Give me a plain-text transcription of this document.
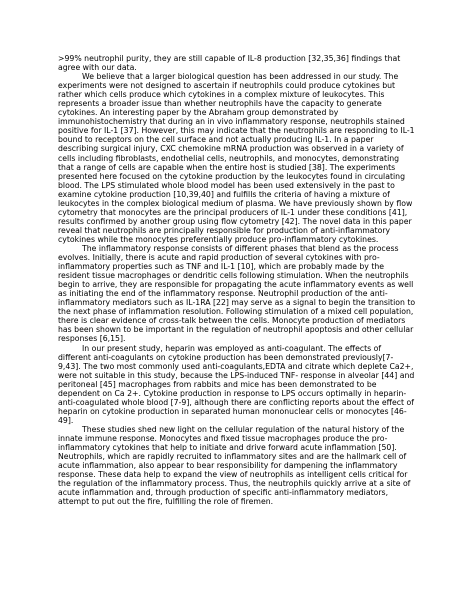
>99% neutrophil purity, they are still capable of IL-8 production [32,35,36] findings that agree with our data.

We believe that a larger biological question has been addressed in our study. The experiments were not designed to ascertain if neutrophils could produce cytokines but rather which cells produce which cytokines in a complex mixture of leukocytes. This represents a broader issue than whether neutrophils have the capacity to generate cytokines. An interesting paper by the Abraham group demonstrated by immunohistochemistry that during an in vivo inflammatory response, neutrophils stained positive for IL-1 [37]. However, this may indicate that the neutrophils are responding to IL-1 bound to receptors on the cell surface and not actually producing IL-1. In a paper describing surgical injury, CXC chemokine mRNA production was observed in a variety of cells including fibroblasts, endothelial cells, neutrophils, and monocytes, demonstrating that a range of cells are capable when the entire host is studied [38]. The experiments presented here focused on the cytokine production by the leukocytes found in circulating blood. The LPS stimulated whole blood model has been used extensively in the past to examine cytokine production [10,39,40] and fulfills the criteria of having a mixture of leukocytes in the complex biological medium of plasma. We have previously shown by flow cytometry that monocytes are the principal producers of IL-1 under these conditions [41], results confirmed by another group using flow cytometry [42]. The novel data in this paper reveal that neutrophils are principally responsible for production of anti-inflammatory cytokines while the monocytes preferentially produce pro-inflammatory cytokines.

The inflammatory response consists of different phases that blend as the process evolves. Initially, there is acute and rapid production of several cytokines with pro-inflammatory properties such as TNF and IL-1 [10], which are probably made by the resident tissue macrophages or dendritic cells following stimulation. When the neutrophils begin to arrive, they are responsible for propagating the acute inflammatory events as well as initiating the end of the inflammatory response. Neutrophil production of the anti-inflammatory mediators such as IL-1RA [22] may serve as a signal to begin the transition to the next phase of inflammation resolution. Following stimulation of a mixed cell population, there is clear evidence of cross-talk between the cells. Monocyte production of mediators has been shown to be important in the regulation of neutrophil apoptosis and other cellular responses [6,15].

In our present study, heparin was employed as anti-coagulant. The effects of different anti-coagulants on cytokine production has been demonstrated previously[7-9,43]. The two most commonly used anti-coagulants,EDTA and citrate which deplete Ca2+, were not suitable in this study, because the LPS-induced TNF- response in alveolar [44] and peritoneal [45] macrophages from rabbits and mice has been demonstrated to be dependent on Ca 2+. Cytokine production in response to LPS occurs optimally in heparin-anti-coagulated whole blood [7-9], although there are conflicting reports about the effect of heparin on cytokine production in separated human mononuclear cells or monocytes [46-49].

These studies shed new light on the cellular regulation of the natural history of the innate immune response. Monocytes and fixed tissue macrophages produce the pro-inflammatory cytokines that help to initiate and drive forward acute inflammation [50]. Neutrophils, which are rapidly recruited to inflammatory sites and are the hallmark cell of acute inflammation, also appear to bear responsibility for dampening the inflammatory response. These data help to expand the view of neutrophils as intelligent cells critical for the regulation of the inflammatory process. Thus, the neutrophils quickly arrive at a site of acute inflammation and, through production of specific anti-inflammatory mediators, attempt to put out the fire, fulfilling the role of firemen.
